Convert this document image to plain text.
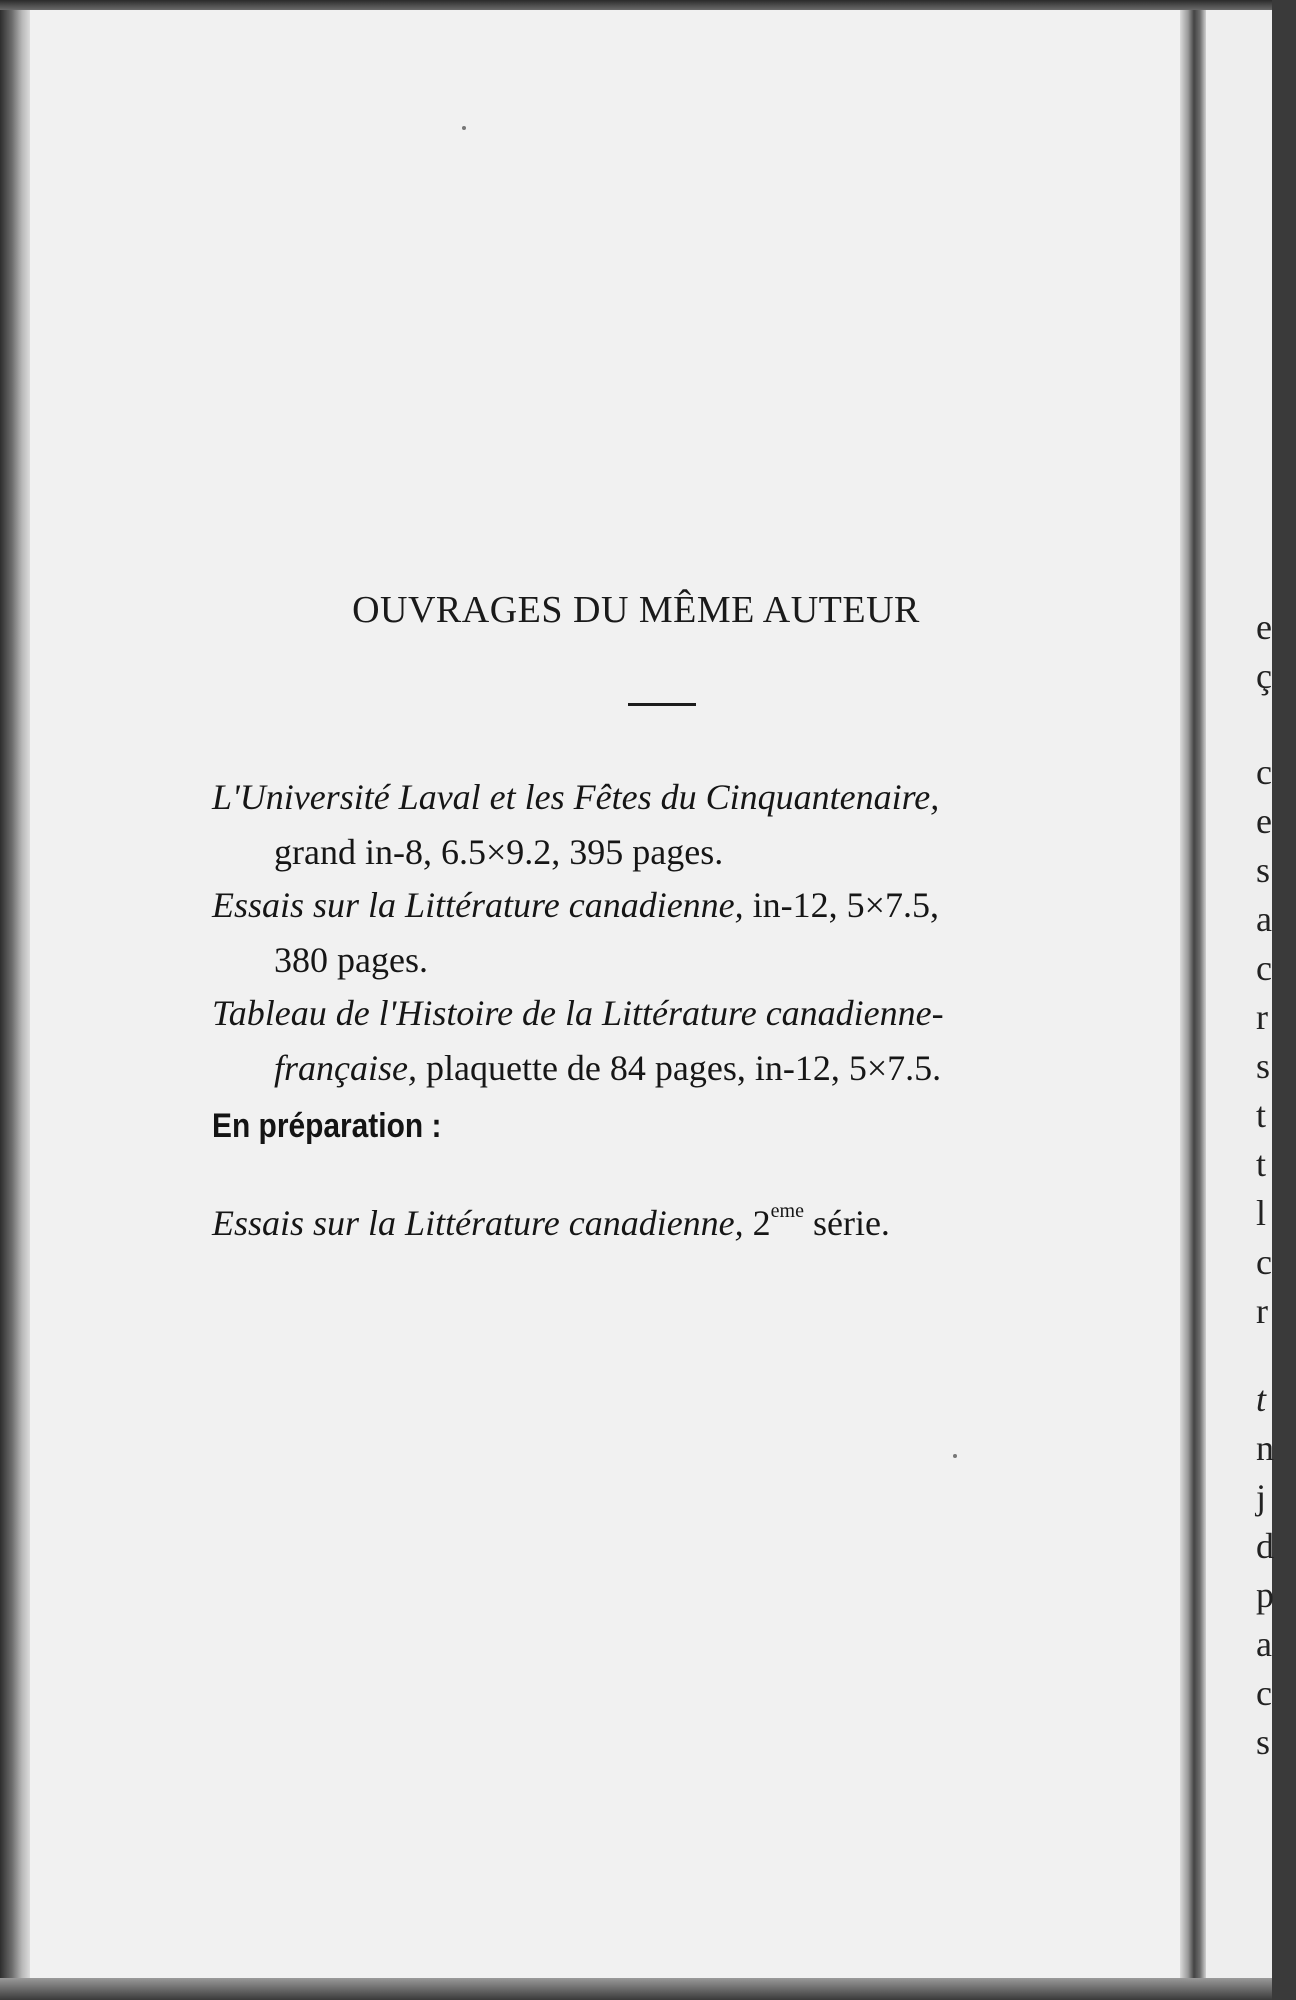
OUVRAGES DU MÊME AUTEUR
L'Université Laval et les Fêtes du Cinquantenaire,
grand in-8, 6.5×9.2, 395 pages.
Essais sur la Littérature canadienne, in-12, 5×7.5,
380 pages.
Tableau de l'Histoire de la Littérature canadienne-
française, plaquette de 84 pages, in-12, 5×7.5.
En préparation :
Essais sur la Littérature canadienne, 2eme série.
e
ç
c
e
s
a
c
r
s
t
t
l
c
r
t
n
j
d
p
a
c
s
